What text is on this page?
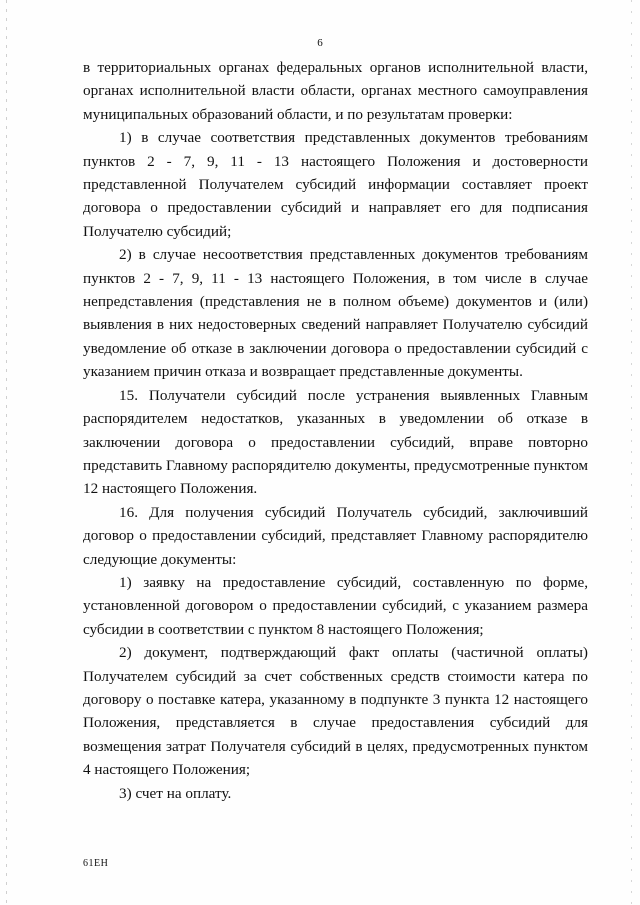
6

в территориальных органах федеральных органов исполнительной власти, органах исполнительной власти области, органах местного самоуправления муниципальных образований области, и по результатам проверки:

1) в случае соответствия представленных документов требованиям пунктов 2 - 7, 9, 11 - 13 настоящего Положения и достоверности представленной Получателем субсидий информации составляет проект договора о предоставлении субсидий и направляет его для подписания Получателю субсидий;

2) в случае несоответствия представленных документов требованиям пунктов 2 - 7, 9, 11 - 13 настоящего Положения, в том числе в случае непредставления (представления не в полном объеме) документов и (или) выявления в них недостоверных сведений направляет Получателю субсидий уведомление об отказе в заключении договора о предоставлении субсидий с указанием причин отказа и возвращает представленные документы.

15. Получатели субсидий после устранения выявленных Главным распорядителем недостатков, указанных в уведомлении об отказе в заключении договора о предоставлении субсидий, вправе повторно представить Главному распорядителю документы, предусмотренные пунктом 12 настоящего Положения.

16. Для получения субсидий Получатель субсидий, заключивший договор о предоставлении субсидий, представляет Главному распорядителю следующие документы:

1) заявку на предоставление субсидий, составленную по форме, установленной договором о предоставлении субсидий, с указанием размера субсидии в соответствии с пунктом 8 настоящего Положения;

2) документ, подтверждающий факт оплаты (частичной оплаты) Получателем субсидий за счет собственных средств стоимости катера по договору о поставке катера, указанному в подпункте 3 пункта 12 настоящего Положения, представляется в случае предоставления субсидий для возмещения затрат Получателя субсидий в целях, предусмотренных пунктом 4 настоящего Положения;

3) счет на оплату.

61ЕН
